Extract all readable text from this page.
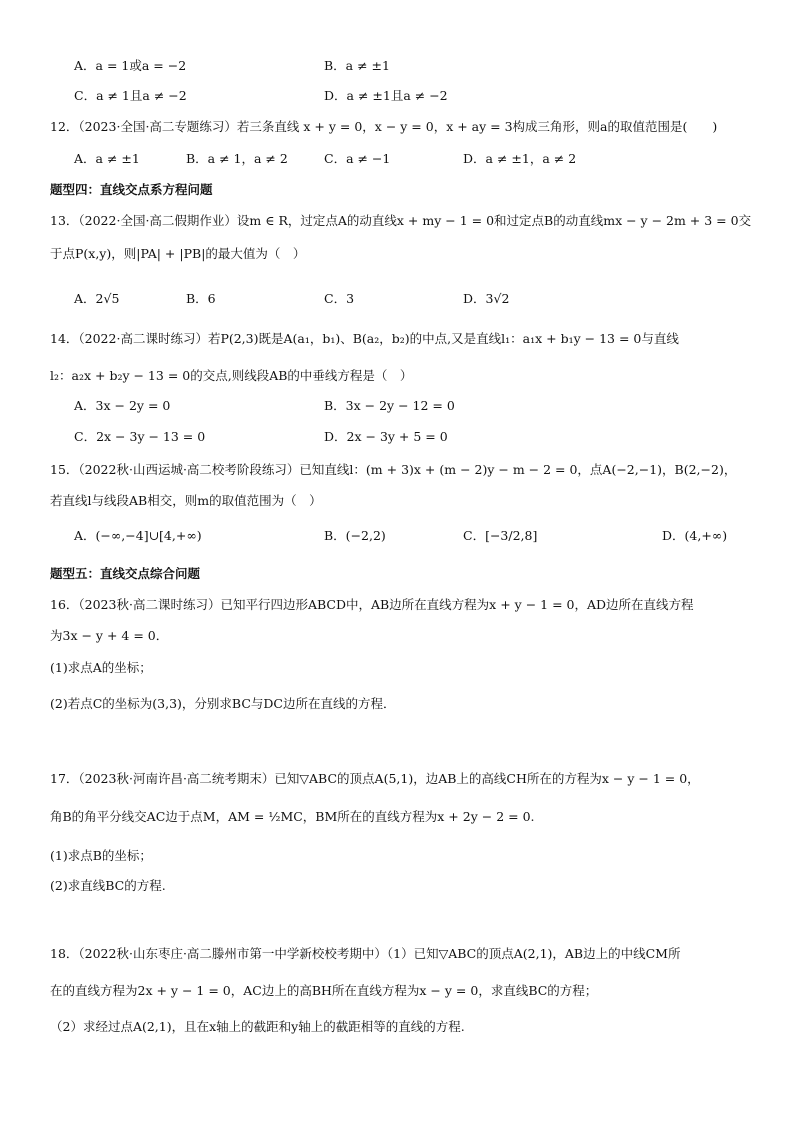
A．a = 1或a = −2	B．a ≠ ±1
C．a ≠ 1且a ≠ −2	D．a ≠ ±1且a ≠ −2
12．（2023·全国·高二专题练习）若三条直线 x + y = 0，x − y = 0，x + ay = 3构成三角形，则a的取值范围是(　　)
A．a ≠ ±1	B．a ≠ 1，a ≠ 2	C．a ≠ −1	D．a ≠ ±1，a ≠ 2
题型四：直线交点系方程问题
13．（2022·全国·高二假期作业）设m ∈ R，过定点A的动直线x + my − 1 = 0和过定点B的动直线mx − y − 2m + 3 = 0交
于点P(x,y)，则|PA| + |PB|的最大值为（　）
A．2√5	B．6	C．3	D．3√2
14．（2022·高二课时练习）若P(2,3)既是A(a₁，b₁)、B(a₂，b₂)的中点,又是直线l₁：a₁x + b₁y − 13 = 0与直线
l₂：a₂x + b₂y − 13 = 0的交点,则线段AB的中垂线方程是（　）
A．3x − 2y = 0	B．3x − 2y − 12 = 0
C．2x − 3y − 13 = 0	D．2x − 3y + 5 = 0
15．（2022秋·山西运城·高二校考阶段练习）已知直线l：(m + 3)x + (m − 2)y − m − 2 = 0，点A(−2,−1)，B(2,−2)，
若直线l与线段AB相交，则m的取值范围为（　）
A．(−∞,−4]∪[4,+∞)	B．(−2,2)	C．[−3/2,8]	D．(4,+∞)
题型五：直线交点综合问题
16．（2023秋·高二课时练习）已知平行四边形ABCD中，AB边所在直线方程为x + y − 1 = 0，AD边所在直线方程
为3x − y + 4 = 0．
(1)求点A的坐标；
(2)若点C的坐标为(3,3)，分别求BC与DC边所在直线的方程．
17．（2023秋·河南许昌·高二统考期末）已知▽ABC的顶点A(5,1)，边AB上的高线CH所在的方程为x − y − 1 = 0，
角B的角平分线交AC边于点M，AM = ½MC，BM所在的直线方程为x + 2y − 2 = 0.
(1)求点B的坐标；
(2)求直线BC的方程.
18．（2022秋·山东枣庄·高二滕州市第一中学新校校考期中）（1）已知▽ABC的顶点A(2,1)，AB边上的中线CM所
在的直线方程为2x + y − 1 = 0，AC边上的高BH所在直线方程为x − y = 0，求直线BC的方程；
（2）求经过点A(2,1)，且在x轴上的截距和y轴上的截距相等的直线的方程.
